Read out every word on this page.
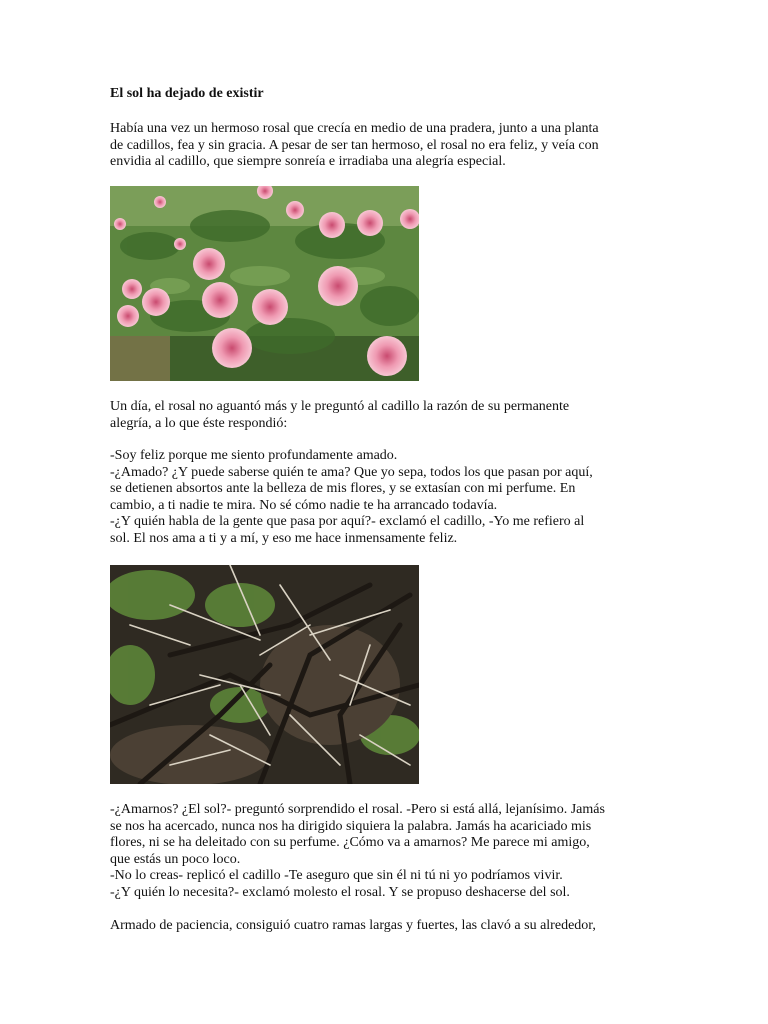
El sol ha dejado de existir

Había una vez un hermoso rosal que crecía en medio de una pradera, junto a una planta
de cadillos, fea y sin gracia. A pesar de ser tan hermoso, el rosal no era feliz, y veía con
envidia al cadillo, que siempre sonreía e irradiaba una alegría especial.

Un día, el rosal no aguantó más y le preguntó al cadillo la razón de su permanente
alegría, a lo que éste respondió:

-Soy feliz porque me siento profundamente amado.
-¿Amado? ¿Y puede saberse quién te ama? Que yo sepa, todos los que pasan por aquí,
se detienen absortos ante la belleza de mis flores, y se extasían con mi perfume. En
cambio, a ti nadie te mira. No sé cómo nadie te ha arrancado todavía.
-¿Y quién habla de la gente que pasa por aquí?- exclamó el cadillo, -Yo me refiero al
sol. El nos ama a ti y a mí, y eso me hace inmensamente feliz.

-¿Amarnos? ¿El sol?- preguntó sorprendido el rosal. -Pero si está allá, lejanísimo. Jamás
se nos ha acercado, nunca nos ha dirigido siquiera la palabra. Jamás ha acariciado mis
flores, ni se ha deleitado con su perfume. ¿Cómo va a amarnos? Me parece mi amigo,
que estás un poco loco.
-No lo creas- replicó el cadillo -Te aseguro que sin él ni tú ni yo podríamos vivir.
-¿Y quién lo necesita?- exclamó molesto el rosal. Y se propuso deshacerse del sol.

Armado de paciencia, consiguió cuatro ramas largas y fuertes, las clavó a su alrededor,
